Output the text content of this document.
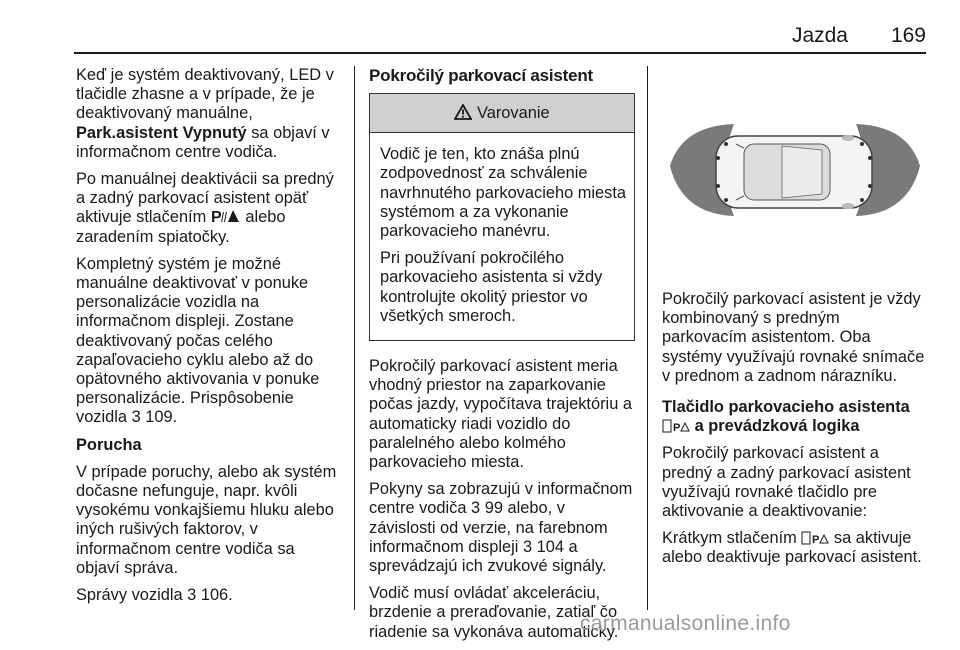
Jazda 169

Keď je systém deaktivovaný, LED v tlačidle zhasne a v prípade, že je deaktivovaný manuálne,
Park.asistent Vypnutý sa objaví v informačnom centre vodiča.

Po manuálnej deaktivácii sa predný a zadný parkovací asistent opäť aktivuje stlačením P alebo zaradením spiatočky.

Kompletný systém je možné manuálne deaktivovať v ponuke personalizácie vozidla na informačnom displeji. Zostane deaktivovaný počas celého zapaľovacieho cyklu alebo až do opätovného aktivovania v ponuke personalizácie. Prispôsobenie vozidla 3 109.

Porucha

V prípade poruchy, alebo ak systém dočasne nefunguje, napr. kvôli vysokému vonkajšiemu hluku alebo iných rušivých faktorov, v informačnom centre vodiča sa objaví správa.

Správy vozidla 3 106.

Pokročilý parkovací asistent

Varovanie

Vodič je ten, kto znáša plnú zodpovednosť za schválenie navrhnutého parkovacieho miesta systémom a za vykonanie parkovacieho manévru.

Pri používaní pokročilého parkovacieho asistenta si vždy kontrolujte okolitý priestor vo všetkých smeroch.

Pokročilý parkovací asistent meria vhodný priestor na zaparkovanie počas jazdy, vypočítava trajektóriu a automaticky riadi vozidlo do paralelného alebo kolmého parkovacieho miesta.

Pokyny sa zobrazujú v informačnom centre vodiča 3 99 alebo, v závislosti od verzie, na farebnom informačnom displeji 3 104 a sprevádzajú ich zvukové signály.

Vodič musí ovládať akceleráciu, brzdenie a preraďovanie, zatiaľ čo riadenie sa vykonáva automaticky.

Pokročilý parkovací asistent je vždy kombinovaný s predným parkovacím asistentom. Oba systémy využívajú rovnaké snímače v prednom a zadnom nárazníku.

Tlačidlo parkovacieho asistenta
P a prevádzková logika

Pokročilý parkovací asistent a predný a zadný parkovací asistent využívajú rovnaké tlačidlo pre aktivovanie a deaktivovanie:

Krátkym stlačením P sa aktivuje alebo deaktivuje parkovací asistent.

carmanualsonline.info
